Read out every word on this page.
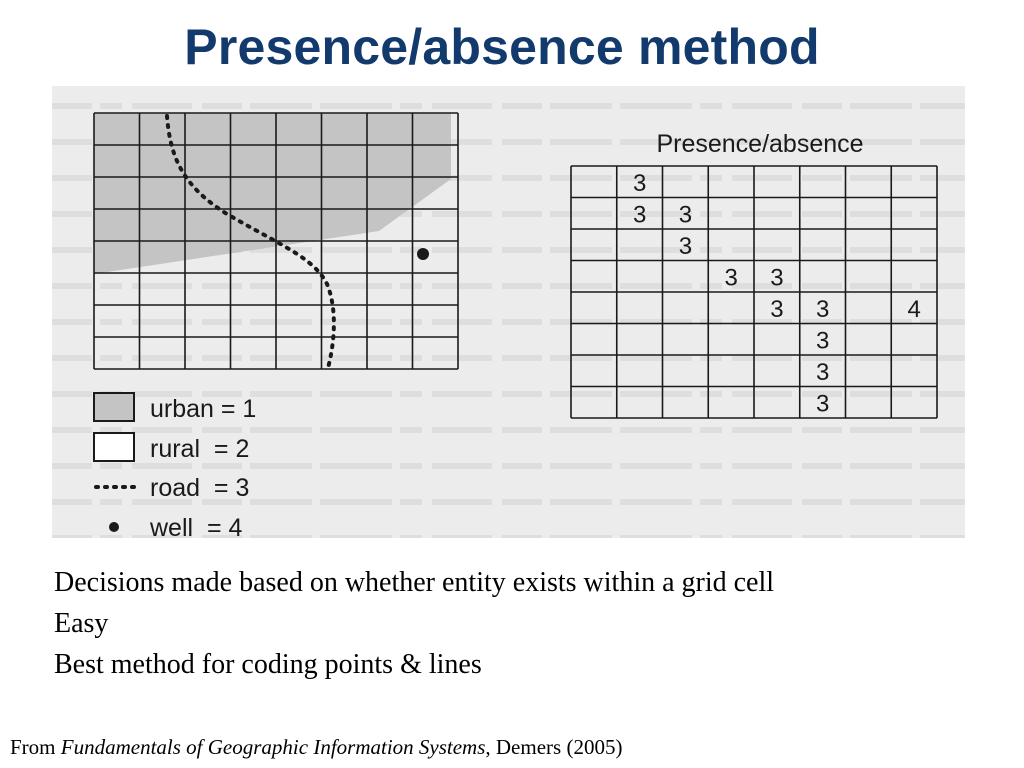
Presence/absence method
urban = 1
rural  = 2
road  = 3
well  = 4
Presence/absence
3
3 3
3
3 3
3 3	4
3
3
3
Decisions made based on whether entity exists within a grid cell
Easy
Best method for coding points & lines
From Fundamentals of Geographic Information Systems, Demers (2005)
